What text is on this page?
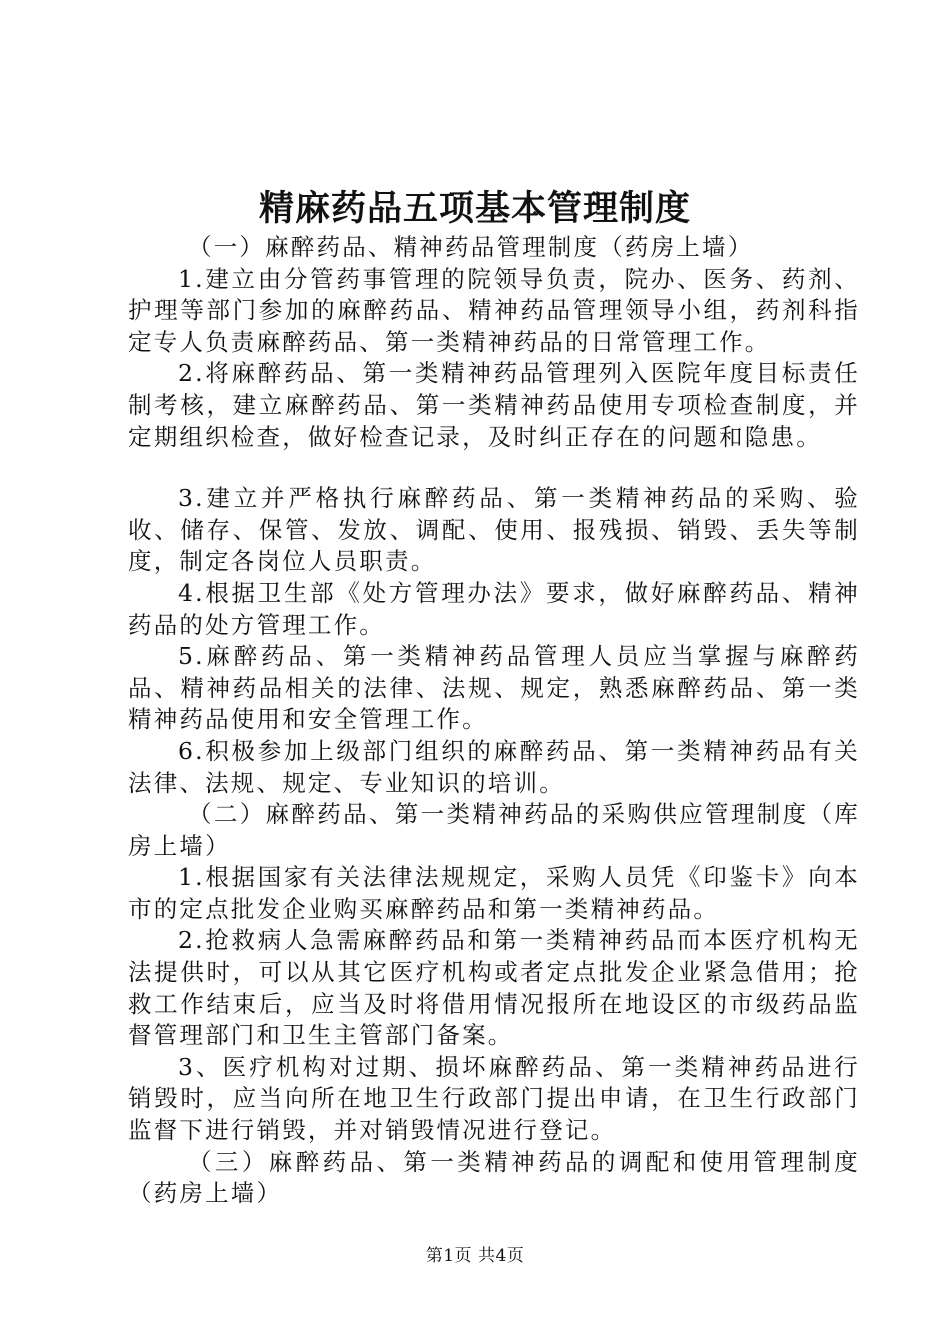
精麻药品五项基本管理制度

（一）麻醉药品、精神药品管理制度（药房上墙）

1.建立由分管药事管理的院领导负责，院办、医务、药剂、护理等部门参加的麻醉药品、精神药品管理领导小组，药剂科指定专人负责麻醉药品、第一类精神药品的日常管理工作。

2.将麻醉药品、第一类精神药品管理列入医院年度目标责任制考核，建立麻醉药品、第一类精神药品使用专项检查制度，并定期组织检查，做好检查记录，及时纠正存在的问题和隐患。

3.建立并严格执行麻醉药品、第一类精神药品的采购、验收、储存、保管、发放、调配、使用、报残损、销毁、丢失等制度，制定各岗位人员职责。

4.根据卫生部《处方管理办法》要求，做好麻醉药品、精神药品的处方管理工作。

5.麻醉药品、第一类精神药品管理人员应当掌握与麻醉药品、精神药品相关的法律、法规、规定，熟悉麻醉药品、第一类精神药品使用和安全管理工作。

6.积极参加上级部门组织的麻醉药品、第一类精神药品有关法律、法规、规定、专业知识的培训。

（二）麻醉药品、第一类精神药品的采购供应管理制度（库房上墙）

1.根据国家有关法律法规规定，采购人员凭《印鉴卡》向本市的定点批发企业购买麻醉药品和第一类精神药品。

2.抢救病人急需麻醉药品和第一类精神药品而本医疗机构无法提供时，可以从其它医疗机构或者定点批发企业紧急借用；抢救工作结束后，应当及时将借用情况报所在地设区的市级药品监督管理部门和卫生主管部门备案。

3、医疗机构对过期、损坏麻醉药品、第一类精神药品进行销毁时，应当向所在地卫生行政部门提出申请，在卫生行政部门监督下进行销毁，并对销毁情况进行登记。

（三）麻醉药品、第一类精神药品的调配和使用管理制度（药房上墙）

第1页 共4页
